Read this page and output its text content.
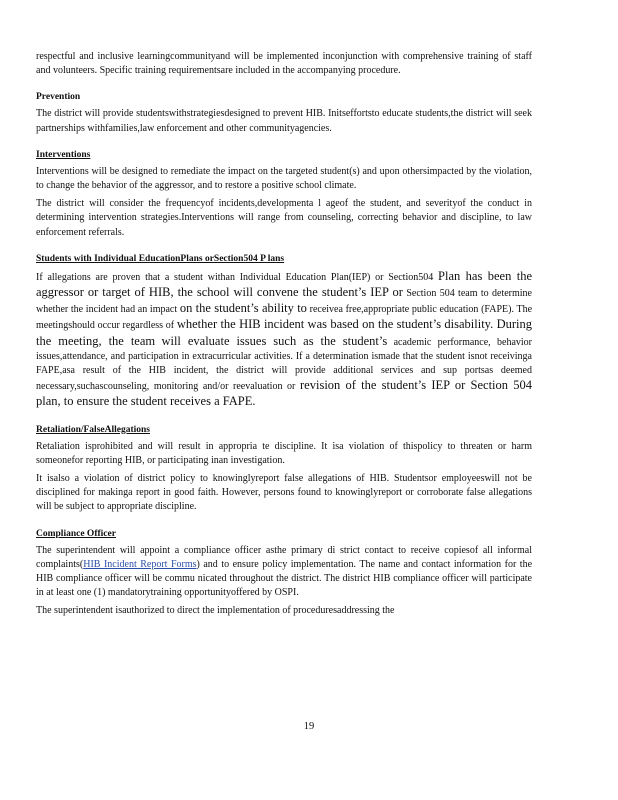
respectful and inclusive learningcommunityand will be implemented inconjunction with comprehensive training of staff and volunteers. Specific training requirementsare included in the accompanying procedure.

Prevention

The district will provide studentswithstrategiesdesigned to prevent HIB. Initseffortsto educate students,the district will seek partnerships withfamilies,law enforcement and other communityagencies.

Interventions

Interventions will be designed to remediate the impact on the targeted student(s) and upon othersimpacted by the violation, to change the behavior of the aggressor, and to restore a positive school climate.

The district will consider the frequencyof incidents,developmenta l ageof the student, and severityof the conduct in determining intervention strategies.Interventions will range from counseling, correcting behavior and discipline, to law enforcement referrals.

Students with Individual EducationPlans orSection504 P lans

If allegations are proven that a student withan Individual Education Plan(IEP) or Section504 Plan has been the aggressor or target of HIB, the school will convene the student’s IEP or Section 504 team to determine whether the incident had an impact on the student’s ability to receivea free,appropriate public education (FAPE). The meetingshould occur regardless of whether the HIB incident was based on the student’s disability. During the meeting, the team will evaluate issues such as the student’s academic performance, behavior issues,attendance, and participation in extracurricular activities. If a determination ismade that the student isnot receivinga FAPE,asa result of the HIB incident, the district will provide additional services and sup portsas deemed necessary,suchascounseling, monitoring and/or reevaluation or revision of the student’s IEP or Section 504 plan, to ensure the student receives a FAPE.

Retaliation/FalseAllegations

Retaliation isprohibited and will result in appropria te discipline. It isa violation of thispolicy to threaten or harm someonefor reporting HIB, or participating inan investigation.

It isalso a violation of district policy to knowinglyreport false allegations of HIB. Studentsor employeeswill not be disciplined for makinga report in good faith. However, persons found to knowinglyreport or corroborate false allegations will be subject to appropriate discipline.

Compliance Officer

The superintendent will appoint a compliance officer asthe primary di strict contact to receive copiesof all informal complaints(HIB Incident Report Forms) and to ensure policy implementation. The name and contact information for the HIB compliance officer will be commu nicated throughout the district. The district HIB compliance officer will participate in at least one (1) mandatorytraining opportunityoffered by OSPI.

The superintendent isauthorized to direct the implementation of proceduresaddressing the

19
